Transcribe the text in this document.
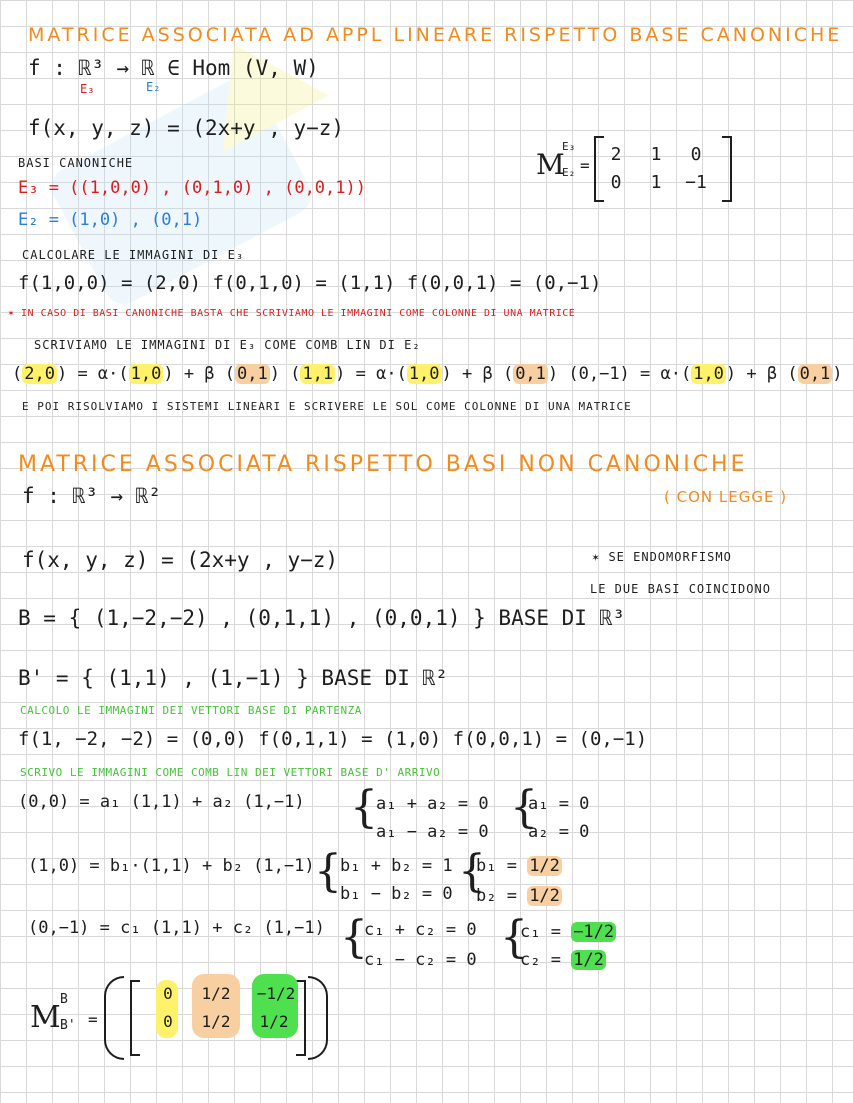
MATRICE ASSOCIATA AD APPL LINEARE RISPETTO BASE CANONICHE
f : ℝ³ → ℝ ∈ Hom (V, W)
E₃	E₂
f(x, y, z) = (2x+y , y−z)
BASI CANONICHE
E₃ = ((1,0,0) , (0,1,0) , (0,0,1))
E₂ = (1,0) , (0,1)
M
E₃
E₂ =
2	1	0
0	1	−1
CALCOLARE LE IMMAGINI DI E₃
f(1,0,0) = (2,0) f(0,1,0) = (1,1) f(0,0,1) = (0,−1)
✶ IN CASO DI BASI CANONICHE BASTA CHE SCRIVIAMO LE IMMAGINI COME COLONNE DI UNA MATRICE
SCRIVIAMO LE IMMAGINI DI E₃ COME COMB LIN DI E₂
( 2,0 ) = α·( 1,0 ) + β ( 0,1 ) ( 1,1 ) = α·( 1,0 ) + β ( 0,1 ) (0,−1) = α·( 1,0 ) + β ( 0,1 )
E POI RISOLVIAMO I SISTEMI LINEARI E SCRIVERE LE SOL COME COLONNE DI UNA MATRICE
MATRICE ASSOCIATA RISPETTO BASI NON CANONICHE
f : ℝ³ → ℝ²	( CON LEGGE )
f(x, y, z) = (2x+y , y−z)	✶ SE ENDOMORFISMO
LE DUE BASI COINCIDONO
B = { (1,−2,−2) , (0,1,1) , (0,0,1) } BASE DI ℝ³
B' = { (1,1) , (1,−1) } BASE DI ℝ²
CALCOLO LE IMMAGINI DEI VETTORI BASE DI PARTENZA
f(1, −2, −2) = (0,0) f(0,1,1) = (1,0) f(0,0,1) = (0,−1)
SCRIVO LE IMMAGINI COME COMB LIN DEI VETTORI BASE D' ARRIVO
(0,0) = a₁ (1,1) + a₂ (1,−1) {
a₁ + a₂ = 0
a₁ − a₂ = 0 {
a₁ = 0
a₂ = 0
(1,0) = b₁·(1,1) + b₂ (1,−1) {
b₁ + b₂ = 1
b₁ − b₂ = 0 {
b₁ = 1/2
b₂ = 1/2
(0,−1) = c₁ (1,1) + c₂ (1,−1) {
c₁ + c₂ = 0
c₁ − c₂ = 0 {
c₁ = −1/2
c₂ = 1/2
M
B
B' =
0	1/2	−1/2
0	1/2	1/2
